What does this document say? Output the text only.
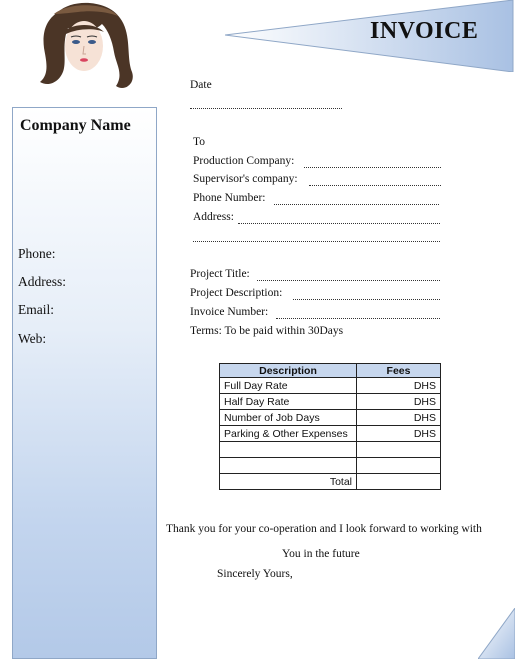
INVOICE
Company Name
Phone:
Address:
Email:
Web:
Date
To
Production Company:
Supervisor's company:
Phone Number:
Address:
Project Title:
Project Description:
Invoice Number:
Terms: To be paid within 30Days
Description	Fees
Full Day Rate	DHS
Half Day Rate	DHS
Number of Job Days	DHS
Parking & Other Expenses	DHS

Total	
Thank you for your co-operation and I look forward to working with
You in the future
Sincerely Yours,
